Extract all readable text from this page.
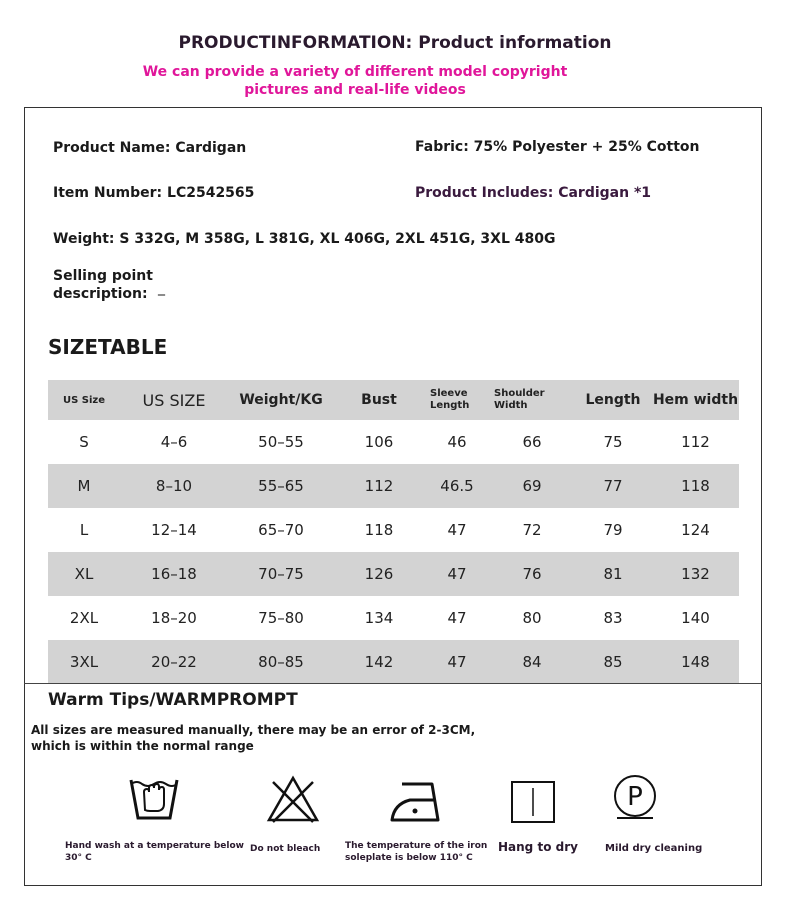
PRODUCTINFORMATION: Product information
We can provide a variety of different model copyright
pictures and real-life videos
Product Name: Cardigan	Fabric: 75% Polyester + 25% Cotton
Item Number: LC2542565	Product Includes: Cardigan *1
Weight: S 332G, M 358G, L 381G, XL 406G, 2XL 451G, 3XL 480G
Selling point
description: _
SIZETABLE
US Size	US SIZE	Weight/KG	Bust	Sleeve Length	Shoulder Width	Length	Hem width
S	4–6	50–55	106	46	66	75	112
M	8–10	55–65	112	46.5	69	77	118
L	12–14	65–70	118	47	72	79	124
XL	16–18	70–75	126	47	76	81	132
2XL	18–20	75–80	134	47	80	83	140
3XL	20–22	80–85	142	47	84	85	148
Warm Tips/WARMPROMPT
All sizes are measured manually, there may be an error of 2-3CM,
which is within the normal range
P
Hand wash at a temperature below
30° C
Do not bleach	The temperature of the iron
soleplate is below 110° C
Hang to dry	Mild dry cleaning
